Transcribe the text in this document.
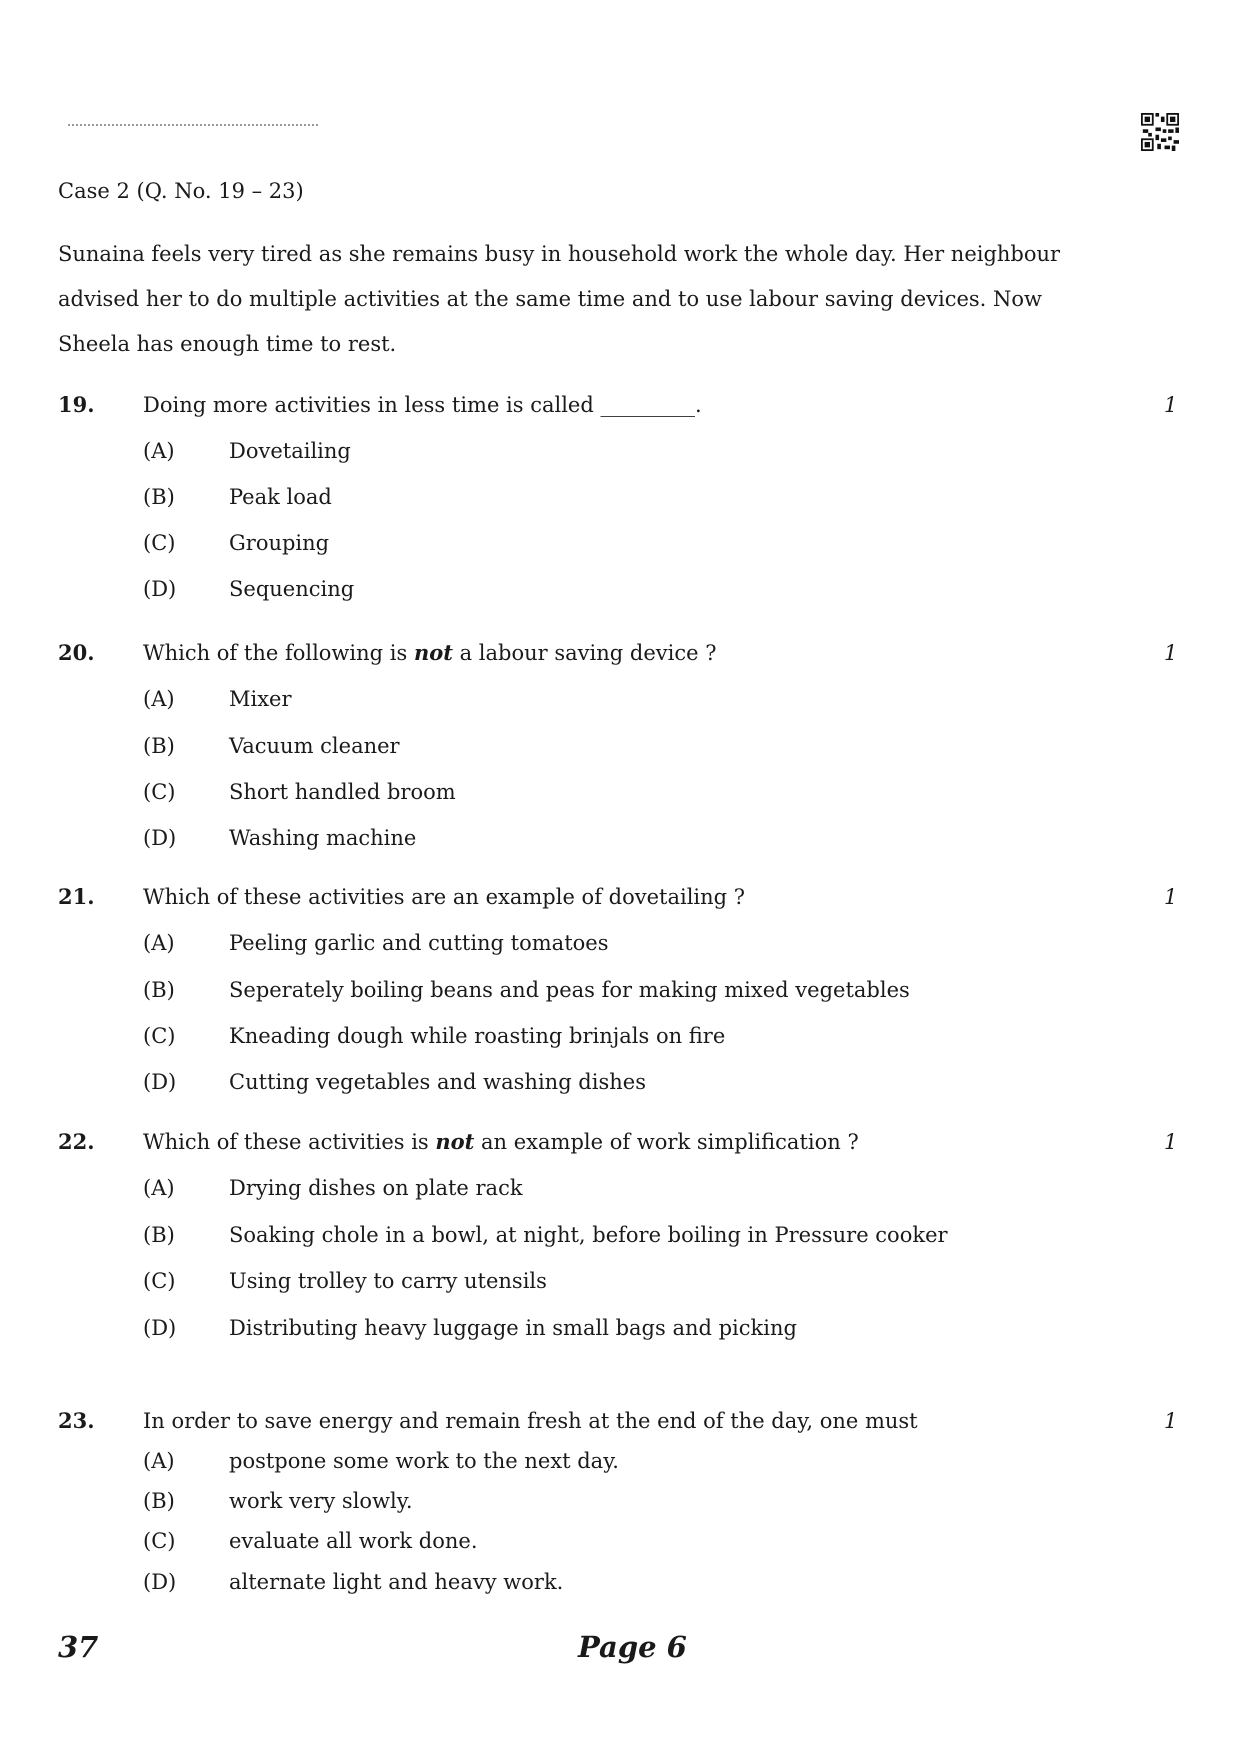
Case 2 (Q. No. 19 – 23)
Sunaina feels very tired as she remains busy in household work the whole day. Her neighbour
advised her to do multiple activities at the same time and to use labour saving devices. Now
Sheela has enough time to rest.
19. Doing more activities in less time is called _________.	1
(A)	Dovetailing
(B)	Peak load
(C)	Grouping
(D)	Sequencing
20. Which of the following is not a labour saving device ?	1
(A)	Mixer
(B)	Vacuum cleaner
(C)	Short handled broom
(D)	Washing machine
21. Which of these activities are an example of dovetailing ?	1
(A)	Peeling garlic and cutting tomatoes
(B)	Seperately boiling beans and peas for making mixed vegetables
(C)	Kneading dough while roasting brinjals on fire
(D)	Cutting vegetables and washing dishes
22. Which of these activities is not an example of work simplification ?	1
(A)	Drying dishes on plate rack
(B)	Soaking chole in a bowl, at night, before boiling in Pressure cooker
(C)	Using trolley to carry utensils
(D)	Distributing heavy luggage in small bags and picking
23. In order to save energy and remain fresh at the end of the day, one must	1
(A)	postpone some work to the next day.
(B)	work very slowly.
(C)	evaluate all work done.
(D)	alternate light and heavy work.
37	Page 6
